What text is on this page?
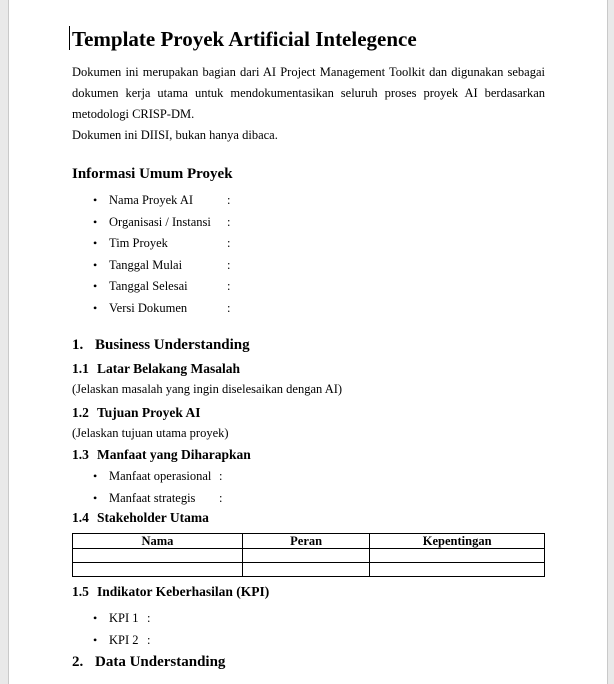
Template Proyek Artificial Intelegence

Dokumen ini merupakan bagian dari AI Project Management Toolkit dan digunakan sebagai dokumen kerja utama untuk mendokumentasikan seluruh proses proyek AI berdasarkan metodologi CRISP-DM.

Dokumen ini DIISI, bukan hanya dibaca.

Informasi Umum Proyek
• Nama Proyek AI	:
• Organisasi / Instansi	:
• Tim Proyek	:
• Tanggal Mulai	:
• Tanggal Selesai	:
• Versi Dokumen	:
1. Business Understanding
1.1 Latar Belakang Masalah

(Jelaskan masalah yang ingin diselesaikan dengan AI)

1.2 Tujuan Proyek AI

(Jelaskan tujuan utama proyek)

1.3 Manfaat yang Diharapkan
• Manfaat operasional :
• Manfaat strategis	:
1.4 Stakeholder Utama
Nama	Peran	Kepentingan

1.5 Indikator Keberhasilan (KPI)
• KPI 1 :
• KPI 2 :
2. Data Understanding
